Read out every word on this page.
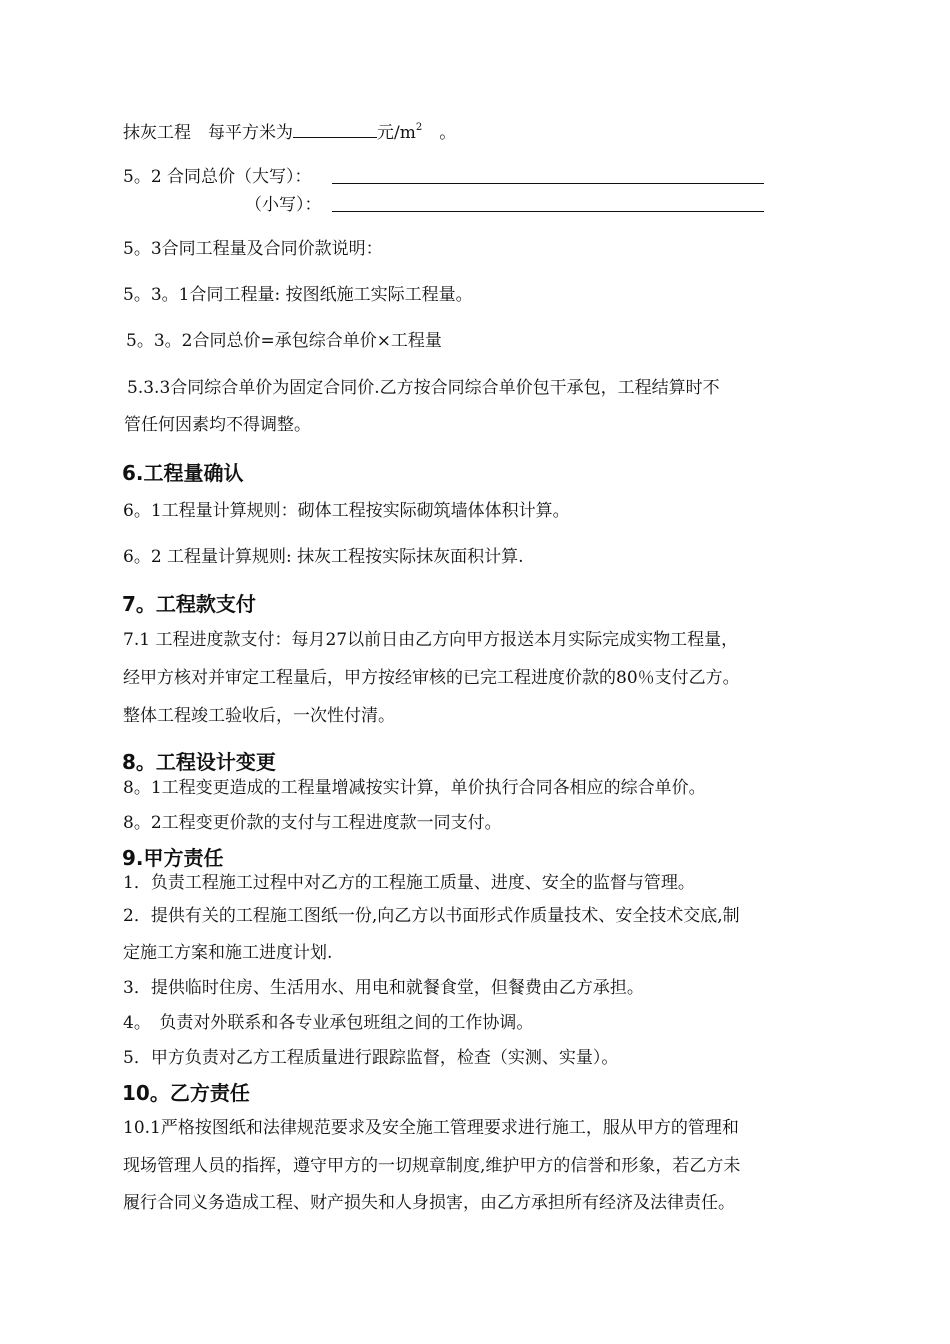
抹灰工程　每平方米为	元$/m^2$　 。
5。2 合同总价（大写）：
（小写）：
5。3合同工程量及合同价款说明：
5。3。1合同工程量: 按图纸施工实际工程量。
5。3。2合同总价=承包综合单价×工程量
5.3.3合同综合单价为固定合同价.乙方按合同综合单价包干承包，工程结算时不
管任何因素均不得调整。
6.工程量确认
6。1工程量计算规则：砌体工程按实际砌筑墙体体积计算。
6。2 工程量计算规则: 抹灰工程按实际抹灰面积计算.
7。工程款支付
7.1 工程进度款支付：每月27以前日由乙方向甲方报送本月实际完成实物工程量，
经甲方核对并审定工程量后，甲方按经审核的已完工程进度价款的80％支付乙方。
整体工程竣工验收后，一次性付清。
8。工程设计变更
8。1工程变更造成的工程量增减按实计算，单价执行合同各相应的综合单价。
8。2工程变更价款的支付与工程进度款一同支付。
9.甲方责任
1．负责工程施工过程中对乙方的工程施工质量、进度、安全的监督与管理。
2．提供有关的工程施工图纸一份,向乙方以书面形式作质量技术、安全技术交底,制
定施工方案和施工进度计划.
3．提供临时住房、生活用水、用电和就餐食堂，但餐费由乙方承担。
4。　负责对外联系和各专业承包班组之间的工作协调。
5．甲方负责对乙方工程质量进行跟踪监督，检查（实测、实量）。
10。乙方责任
10.1严格按图纸和法律规范要求及安全施工管理要求进行施工，服从甲方的管理和
现场管理人员的指挥，遵守甲方的一切规章制度,维护甲方的信誉和形象，若乙方未
履行合同义务造成工程、财产损失和人身损害，由乙方承担所有经济及法律责任。
